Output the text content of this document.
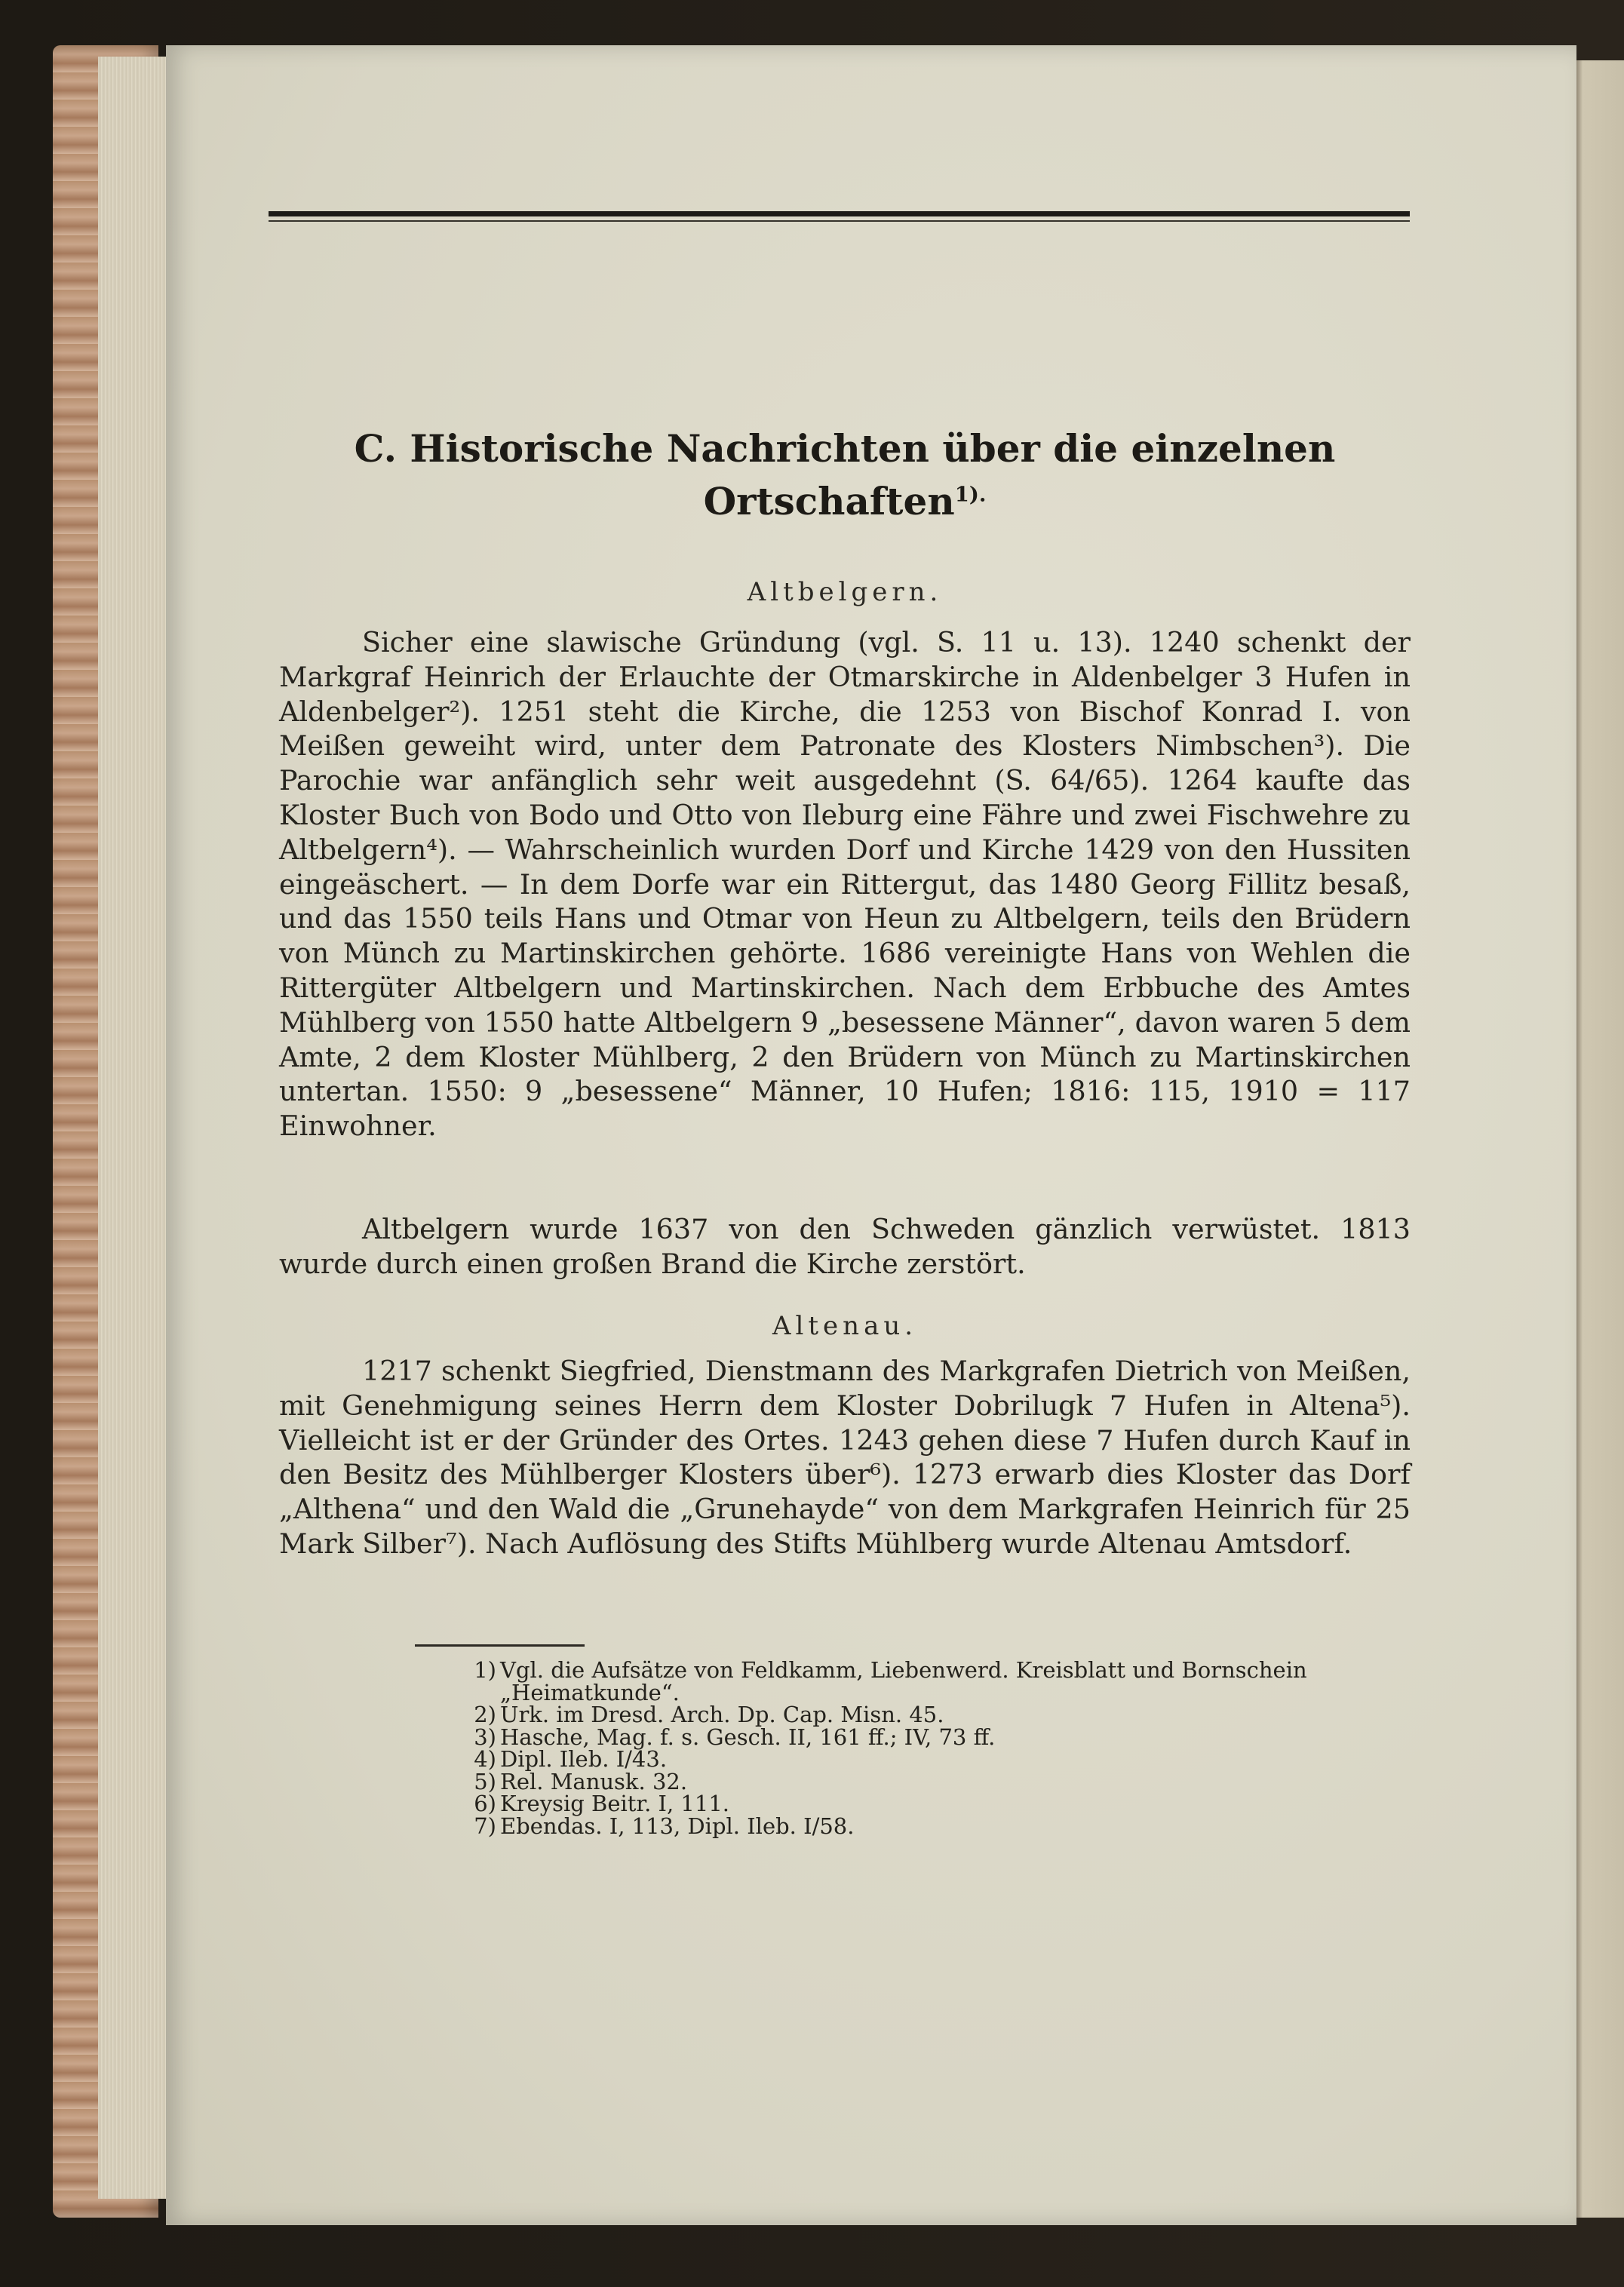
C. Historische Nachrichten über die einzelnen
Ortschaften$^{1).}$
Altbelgern.

Sicher eine slawische Gründung (vgl. S. 11 u. 13). 1240 schenkt der Markgraf Heinrich der Erlauchte der Otmarskirche in Aldenbelger 3 Hufen in Aldenbelger²). 1251 steht die Kirche, die 1253 von Bischof Konrad I. von Meißen geweiht wird, unter dem Patronate des Klosters Nimbschen³). Die Parochie war anfänglich sehr weit ausgedehnt (S. 64/65). 1264 kaufte das Kloster Buch von Bodo und Otto von Ileburg eine Fähre und zwei Fischwehre zu Altbelgern⁴). — Wahrscheinlich wurden Dorf und Kirche 1429 von den Hussiten eingeäschert. — In dem Dorfe war ein Rittergut, das 1480 Georg Fillitz besaß, und das 1550 teils Hans und Otmar von Heun zu Altbelgern, teils den Brüdern von Münch zu Martinskirchen gehörte. 1686 vereinigte Hans von Wehlen die Rittergüter Altbelgern und Martinskirchen. Nach dem Erbbuche des Amtes Mühlberg von 1550 hatte Altbelgern 9 „besessene Männer“, davon waren 5 dem Amte, 2 dem Kloster Mühlberg, 2 den Brüdern von Münch zu Martinskirchen untertan. 1550: 9 „besessene“ Männer, 10 Hufen; 1816: 115, 1910 = 117 Einwohner.

Altbelgern wurde 1637 von den Schweden gänzlich verwüstet. 1813 wurde durch einen großen Brand die Kirche zerstört.

Altenau.

1217 schenkt Siegfried, Dienstmann des Markgrafen Dietrich von Meißen, mit Genehmigung seines Herrn dem Kloster Dobrilugk 7 Hufen in Altena⁵). Vielleicht ist er der Gründer des Ortes. 1243 gehen diese 7 Hufen durch Kauf in den Besitz des Mühlberger Klosters über⁶). 1273 erwarb dies Kloster das Dorf „Althena“ und den Wald die „Grunehayde“ von dem Markgrafen Heinrich für 25 Mark Silber⁷). Nach Auflösung des Stifts Mühlberg wurde Altenau Amtsdorf.

1) Vgl. die Aufsätze von Feldkamm, Liebenwerd. Kreisblatt und Bornschein „Heimatkunde“.

2) Urk. im Dresd. Arch. Dp. Cap. Misn. 45.

3) Hasche, Mag. f. s. Gesch. II, 161 ff.; IV, 73 ff.

4) Dipl. Ileb. I/43.

5) Rel. Manusk. 32.

6) Kreysig Beitr. I, 111.

7) Ebendas. I, 113, Dipl. Ileb. I/58.
